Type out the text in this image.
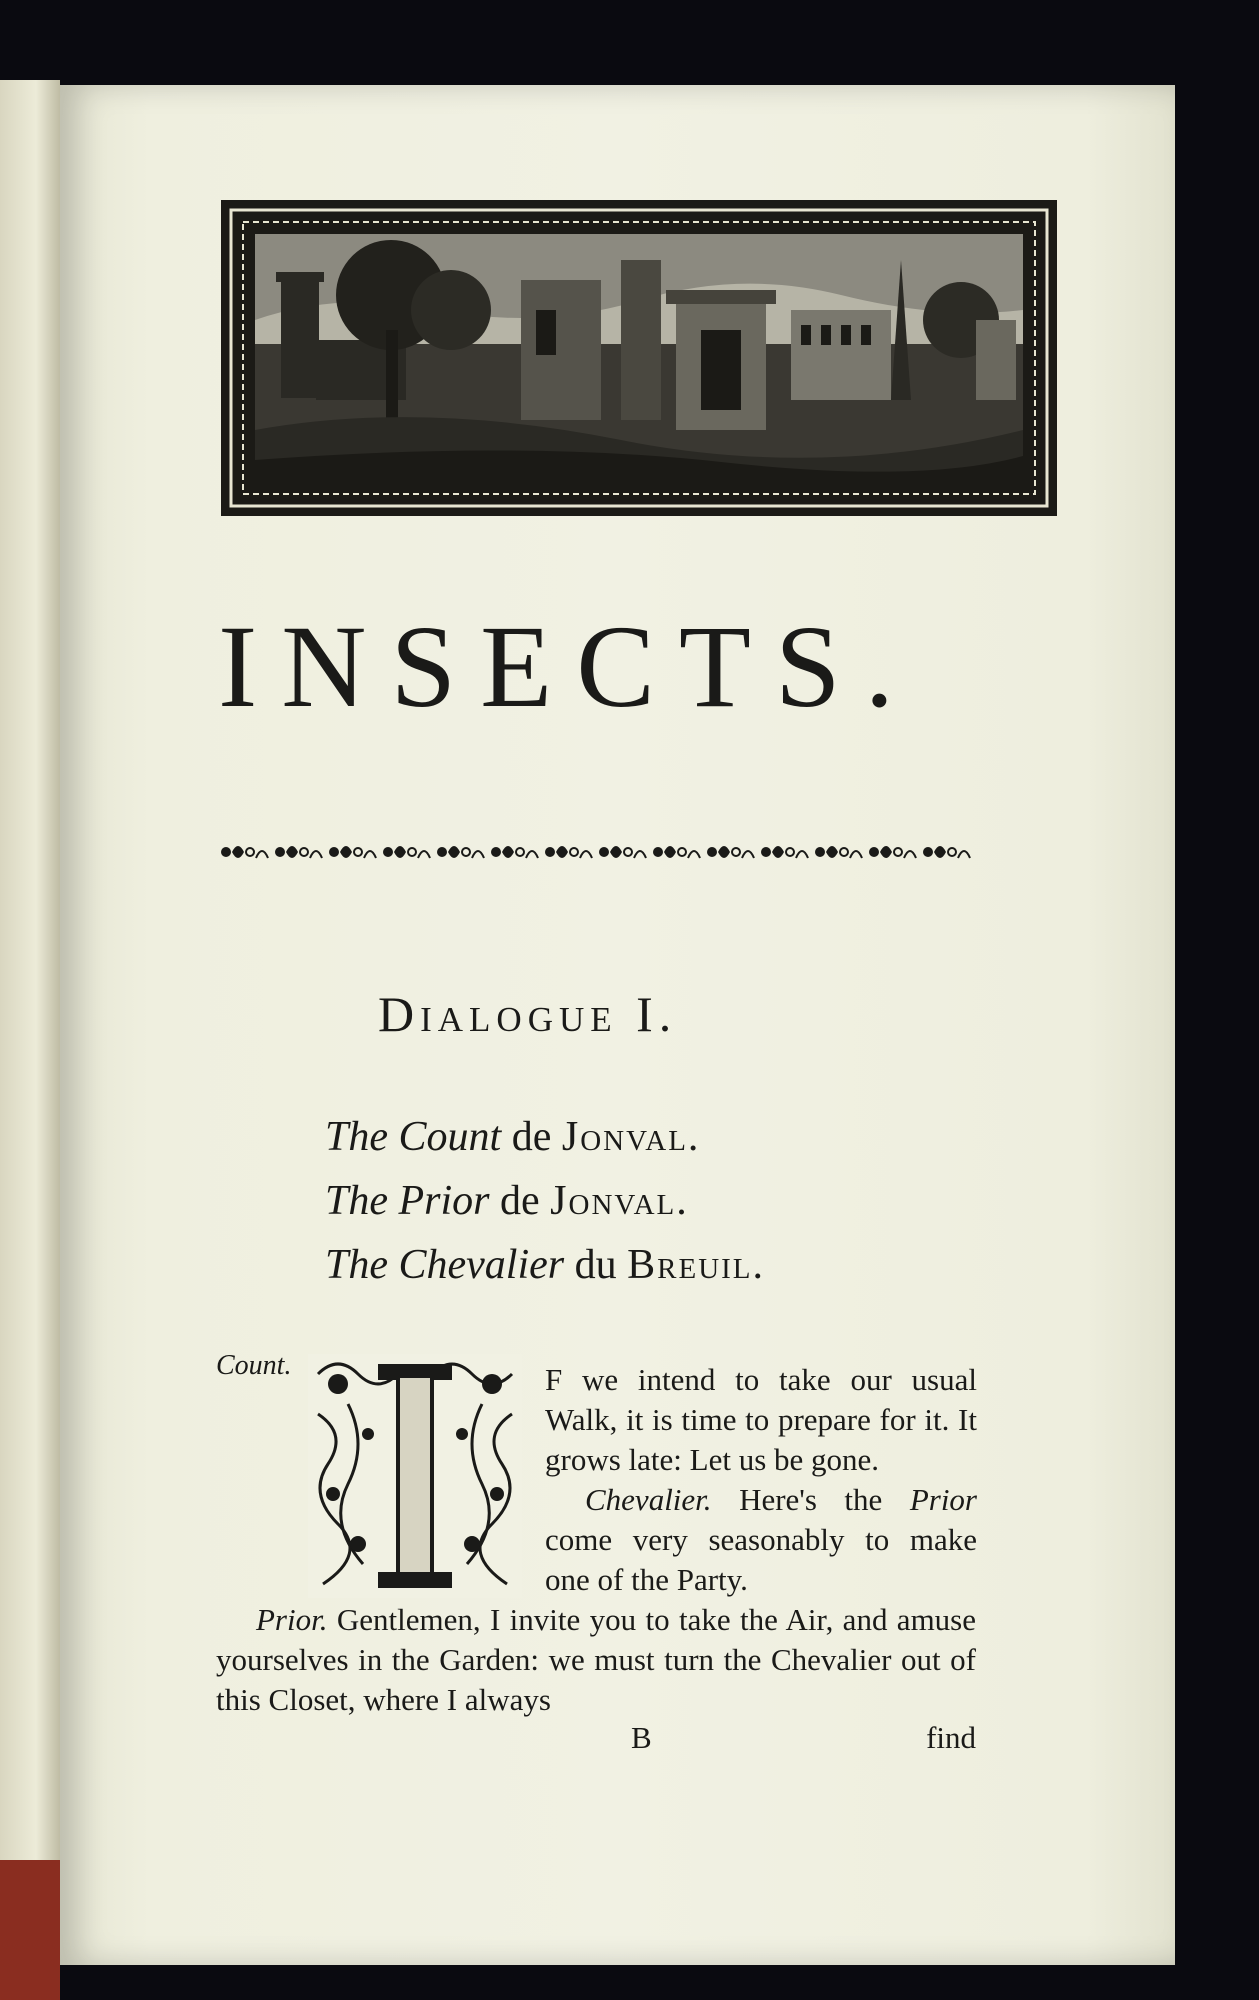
INSECTS.
Dialogue I.
The Count de Jonval.
The Prior de Jonval.
The Chevalier du Breuil.
Count.	F we intend to take our usual Walk, it is time to prepare for it. It grows late: Let us be gone.

Chevalier. Here's the Prior come very seasonably to make one of the Party.

Prior. Gentlemen, I invite you to take the Air, and amuse yourselves in the Garden: we must turn the Chevalier out of this Closet, where I always

B	find
